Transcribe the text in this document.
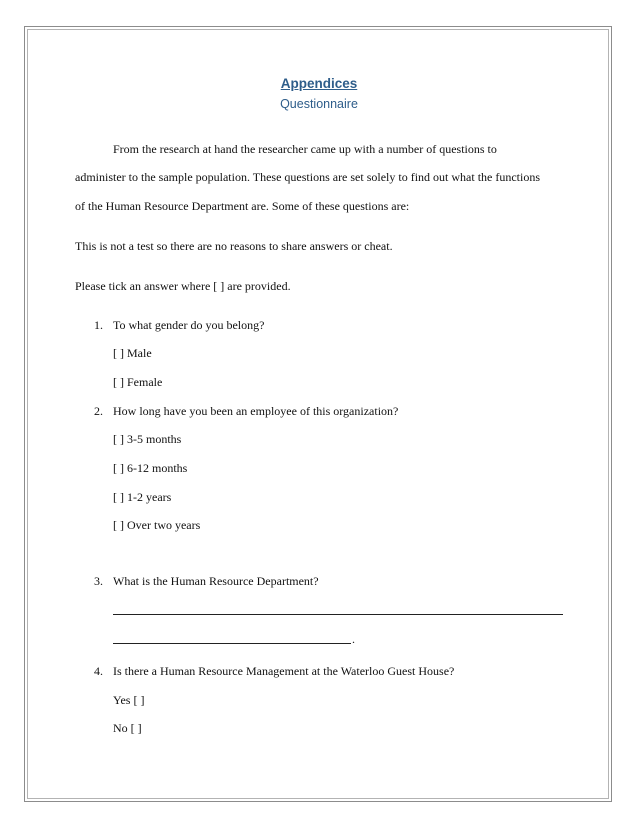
Appendices
Questionnaire
From the research at hand the researcher came up with a number of questions to
administer to the sample population. These questions are set solely to find out what the functions
of the Human Resource Department are. Some of these questions are:
This is not a test so there are no reasons to share answers or cheat.
Please tick an answer where [ ] are provided.
1. To what gender do you belong?
[ ] Male
[ ] Female
2. How long have you been an employee of this organization?
[ ] 3-5 months
[ ] 6-12 months
[ ] 1-2 years
[ ] Over two years
3. What is the Human Resource Department?
.
4. Is there a Human Resource Management at the Waterloo Guest House?
Yes [ ]
No [ ]
